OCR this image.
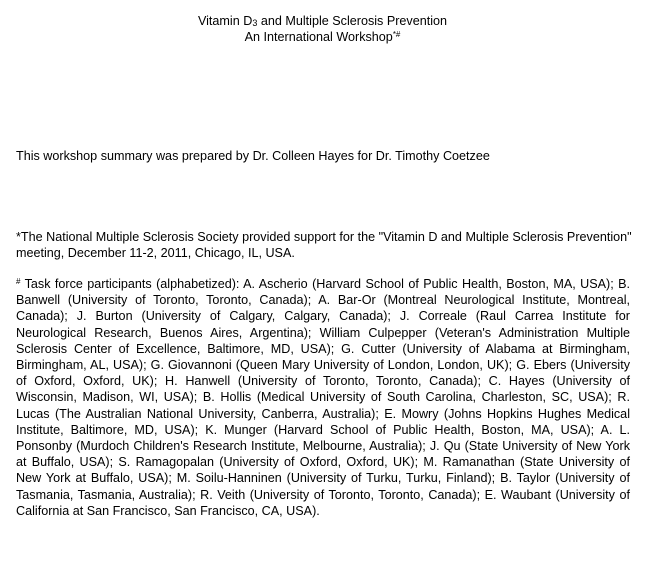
Vitamin $D_3$ and Multiple Sclerosis Prevention
An International Workshop*#
This workshop summary was prepared by Dr. Colleen Hayes for Dr. Timothy Coetzee
*The National Multiple Sclerosis Society provided support for the "Vitamin D and Multiple Sclerosis Prevention" meeting, December 11-2, 2011, Chicago, IL, USA.
# Task force participants (alphabetized): A. Ascherio (Harvard School of Public Health, Boston, MA, USA); B. Banwell (University of Toronto, Toronto, Canada); A. Bar-Or (Montreal Neurological Institute, Montreal, Canada); J. Burton (University of Calgary, Calgary, Canada); J. Correale (Raul Carrea Institute for Neurological Research, Buenos Aires, Argentina); William Culpepper (Veteran's Administration Multiple Sclerosis Center of Excellence, Baltimore, MD, USA); G. Cutter (University of Alabama at Birmingham, Birmingham, AL, USA); G. Giovannoni (Queen Mary University of London, London, UK); G. Ebers (University of Oxford, Oxford, UK); H. Hanwell (University of Toronto, Toronto, Canada); C. Hayes (University of Wisconsin, Madison, WI, USA); B. Hollis (Medical University of South Carolina, Charleston, SC, USA); R. Lucas (The Australian National University, Canberra, Australia); E. Mowry (Johns Hopkins Hughes Medical Institute, Baltimore, MD, USA); K. Munger (Harvard School of Public Health, Boston, MA, USA); A. L. Ponsonby (Murdoch Children's Research Institute, Melbourne, Australia); J. Qu (State University of New York at Buffalo, USA); S. Ramagopalan (University of Oxford, Oxford, UK); M. Ramanathan (State University of New York at Buffalo, USA); M. Soilu-Hanninen (University of Turku, Turku, Finland); B. Taylor (University of Tasmania, Tasmania, Australia); R. Veith (University of Toronto, Toronto, Canada); E. Waubant (University of California at San Francisco, San Francisco, CA, USA).
